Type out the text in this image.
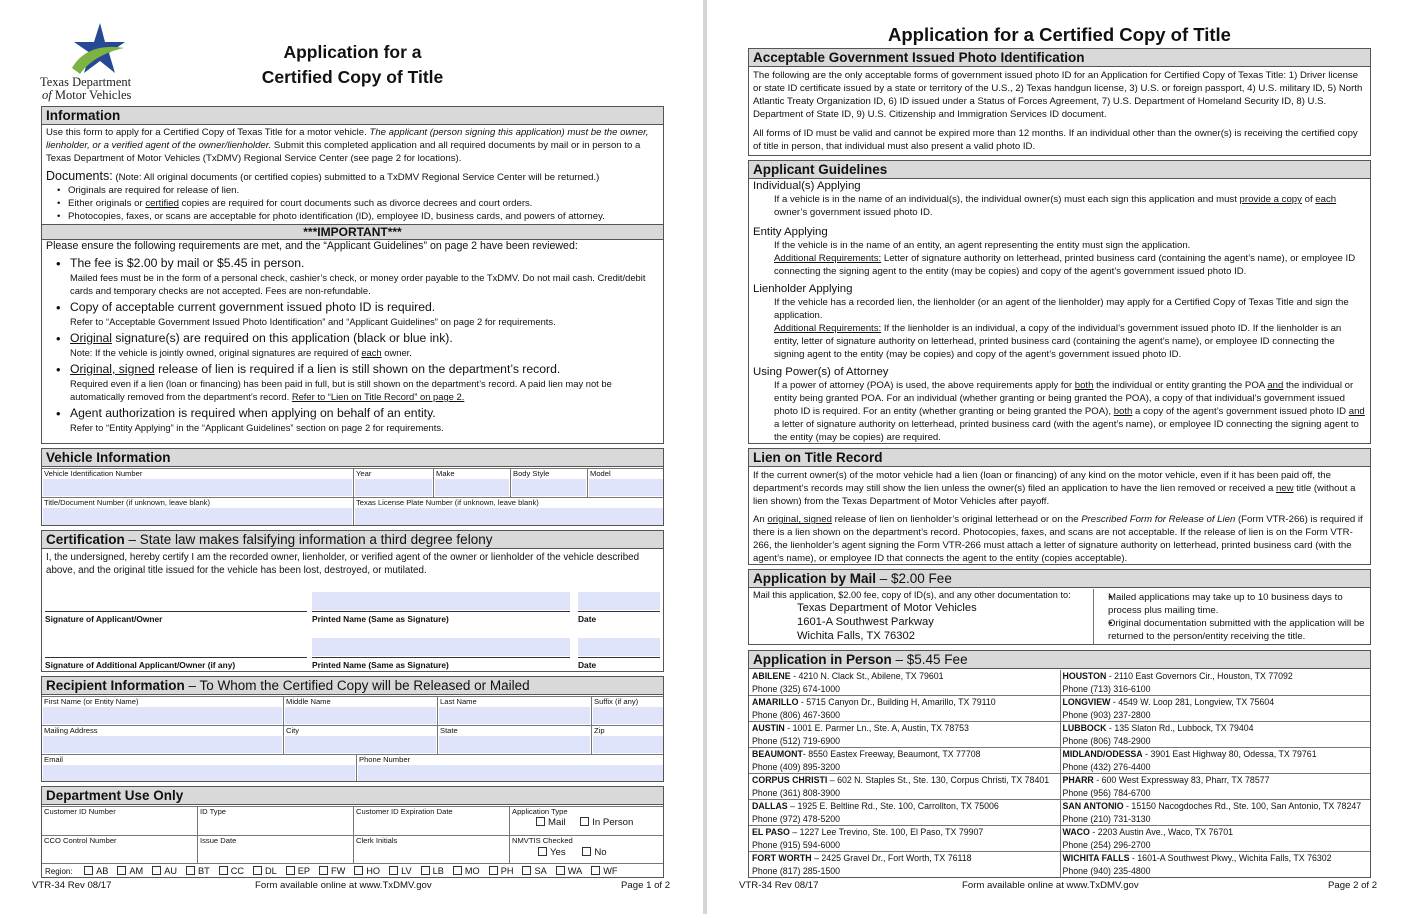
Texas Department
of Motor Vehicles
Application for a
Certified Copy of Title
Information
Use this form to apply for a Certified Copy of Texas Title for a motor vehicle. The applicant (person signing this application) must be the owner, lienholder, or a verified agent of the owner/lienholder. Submit this completed application and all required documents by mail or in person to a Texas Department of Motor Vehicles (TxDMV) Regional Service Center (see page 2 for locations).
Documents: (Note: All original documents (or certified copies) submitted to a TxDMV Regional Service Center will be returned.)
• Originals are required for release of lien.
• Either originals or certified copies are required for court documents such as divorce decrees and court orders.
• Photocopies, faxes, or scans are acceptable for photo identification (ID), employee ID, business cards, and powers of attorney.
***IMPORTANT***
Please ensure the following requirements are met, and the “Applicant Guidelines” on page 2 have been reviewed:
• The fee is $2.00 by mail or $5.45 in person.
Mailed fees must be in the form of a personal check, cashier’s check, or money order payable to the TxDMV. Do not mail cash. Credit/debit cards and temporary checks are not accepted. Fees are non-refundable.
• Copy of acceptable current government issued photo ID is required.
Refer to “Acceptable Government Issued Photo Identification” and “Applicant Guidelines” on page 2 for requirements.
• Original signature(s) are required on this application (black or blue ink).
Note: If the vehicle is jointly owned, original signatures are required of each owner.
• Original, signed release of lien is required if a lien is still shown on the department’s record.
Required even if a lien (loan or financing) has been paid in full, but is still shown on the department’s record. A paid lien may not be automatically removed from the department’s record. Refer to “Lien on Title Record” on page 2.
• Agent authorization is required when applying on behalf of an entity.
Refer to “Entity Applying” in the “Applicant Guidelines” section on page 2 for requirements.
Vehicle Information
Vehicle Identification Number	Year	Make	Body Style	Model
Title/Document Number (if unknown, leave blank)	Texas License Plate Number (if unknown, leave blank)
Certification – State law makes falsifying information a third degree felony
I, the undersigned, hereby certify I am the recorded owner, lienholder, or verified agent of the owner or lienholder of the vehicle described above, and the original title issued for the vehicle has been lost, destroyed, or mutilated.
Signature of Applicant/Owner	Printed Name (Same as Signature)	Date
Signature of Additional Applicant/Owner (if any)	Printed Name (Same as Signature)	Date
Recipient Information – To Whom the Certified Copy will be Released or Mailed
First Name (or Entity Name)	Middle Name	Last Name	Suffix (if any)
Mailing Address	City	State	Zip
Email	Phone Number
Department Use Only
Customer ID Number	ID Type	Customer ID Expiration Date	Application Type
Mail	In Person
CCO Control Number	Issue Date	Clerk Initials	NMVTIS Checked
Yes	No
Region:	AB AM AU BT CC DL EP FW HO LV LB MO PH SA WA WF
VTR-34 Rev 08/17	Form available online at www.TxDMV.gov	Page 1 of 2
Application for a Certified Copy of Title
Acceptable Government Issued Photo Identification
The following are the only acceptable forms of government issued photo ID for an Application for Certified Copy of Texas Title: 1) Driver license or state ID certificate issued by a state or territory of the U.S., 2) Texas handgun license, 3) U.S. or foreign passport, 4) U.S. military ID, 5) North Atlantic Treaty Organization ID, 6) ID issued under a Status of Forces Agreement, 7) U.S. Department of Homeland Security ID, 8) U.S. Department of State ID, 9) U.S. Citizenship and Immigration Services ID document.
All forms of ID must be valid and cannot be expired more than 12 months. If an individual other than the owner(s) is receiving the certified copy of title in person, that individual must also present a valid photo ID.
Applicant Guidelines
Individual(s) Applying
If a vehicle is in the name of an individual(s), the individual owner(s) must each sign this application and must provide a copy of each owner’s government issued photo ID.
Entity Applying
If the vehicle is in the name of an entity, an agent representing the entity must sign the application.
Additional Requirements: Letter of signature authority on letterhead, printed business card (containing the agent’s name), or employee ID connecting the signing agent to the entity (may be copies) and copy of the agent’s government issued photo ID.
Lienholder Applying
If the vehicle has a recorded lien, the lienholder (or an agent of the lienholder) may apply for a Certified Copy of Texas Title and sign the application.
Additional Requirements: If the lienholder is an individual, a copy of the individual’s government issued photo ID. If the lienholder is an entity, letter of signature authority on letterhead, printed business card (containing the agent’s name), or employee ID connecting the signing agent to the entity (may be copies) and copy of the agent’s government issued photo ID.
Using Power(s) of Attorney
If a power of attorney (POA) is used, the above requirements apply for both the individual or entity granting the POA and the individual or entity being granted POA. For an individual (whether granting or being granted the POA), a copy of that individual’s government issued photo ID is required. For an entity (whether granting or being granted the POA), both a copy of the agent’s government issued photo ID and a letter of signature authority on letterhead, printed business card (with the agent’s name), or employee ID connecting the signing agent to the entity (may be copies) are required.
Lien on Title Record
If the current owner(s) of the motor vehicle had a lien (loan or financing) of any kind on the motor vehicle, even if it has been paid off, the department’s records may still show the lien unless the owner(s) filed an application to have the lien removed or received a new title (without a lien shown) from the Texas Department of Motor Vehicles after payoff.
An original, signed release of lien on lienholder’s original letterhead or on the Prescribed Form for Release of Lien (Form VTR-266) is required if there is a lien shown on the department’s record. Photocopies, faxes, and scans are not acceptable. If the release of lien is on the Form VTR-266, the lienholder’s agent signing the Form VTR-266 must attach a letter of signature authority on letterhead, printed business card (with the agent’s name), or employee ID that connects the agent to the entity (copies acceptable).
Application by Mail – $2.00 Fee
Mail this application, $2.00 fee, copy of ID(s), and any other documentation to:
Texas Department of Motor Vehicles
1601-A Southwest Parkway
Wichita Falls, TX 76302
• Mailed applications may take up to 10 business days to process plus mailing time.
• Original documentation submitted with the application will be returned to the person/entity receiving the title.
Application in Person – $5.45 Fee
ABILENE - 4210 N. Clack St., Abilene, TX 79601
Phone (325) 674-1000
HOUSTON - 2110 East Governors Cir., Houston, TX 77092
Phone (713) 316-6100
AMARILLO - 5715 Canyon Dr., Building H, Amarillo, TX 79110
Phone (806) 467-3600
LONGVIEW - 4549 W. Loop 281, Longview, TX 75604
Phone (903) 237-2800
AUSTIN - 1001 E. Parmer Ln., Ste. A, Austin, TX 78753
Phone (512) 719-6900
LUBBOCK - 135 Slaton Rd., Lubbock, TX 79404
Phone (806) 748-2900
BEAUMONT- 8550 Eastex Freeway, Beaumont, TX 77708
Phone (409) 895-3200
MIDLAND/ODESSA - 3901 East Highway 80, Odessa, TX 79761
Phone (432) 276-4400
CORPUS CHRISTI – 602 N. Staples St., Ste. 130, Corpus Christi, TX 78401
Phone (361) 808-3900
PHARR - 600 West Expressway 83, Pharr, TX 78577
Phone (956) 784-6700
DALLAS – 1925 E. Beltline Rd., Ste. 100, Carrollton, TX 75006
Phone (972) 478-5200
SAN ANTONIO - 15150 Nacogdoches Rd., Ste. 100, San Antonio, TX 78247
Phone (210) 731-3130
EL PASO – 1227 Lee Trevino, Ste. 100, El Paso, TX 79907
Phone (915) 594-6000
WACO - 2203 Austin Ave., Waco, TX 76701
Phone (254) 296-2700
FORT WORTH – 2425 Gravel Dr., Fort Worth, TX 76118
Phone (817) 285-1500
WICHITA FALLS - 1601-A Southwest Pkwy., Wichita Falls, TX 76302
Phone (940) 235-4800
VTR-34 Rev 08/17	Form available online at www.TxDMV.gov	Page 2 of 2
